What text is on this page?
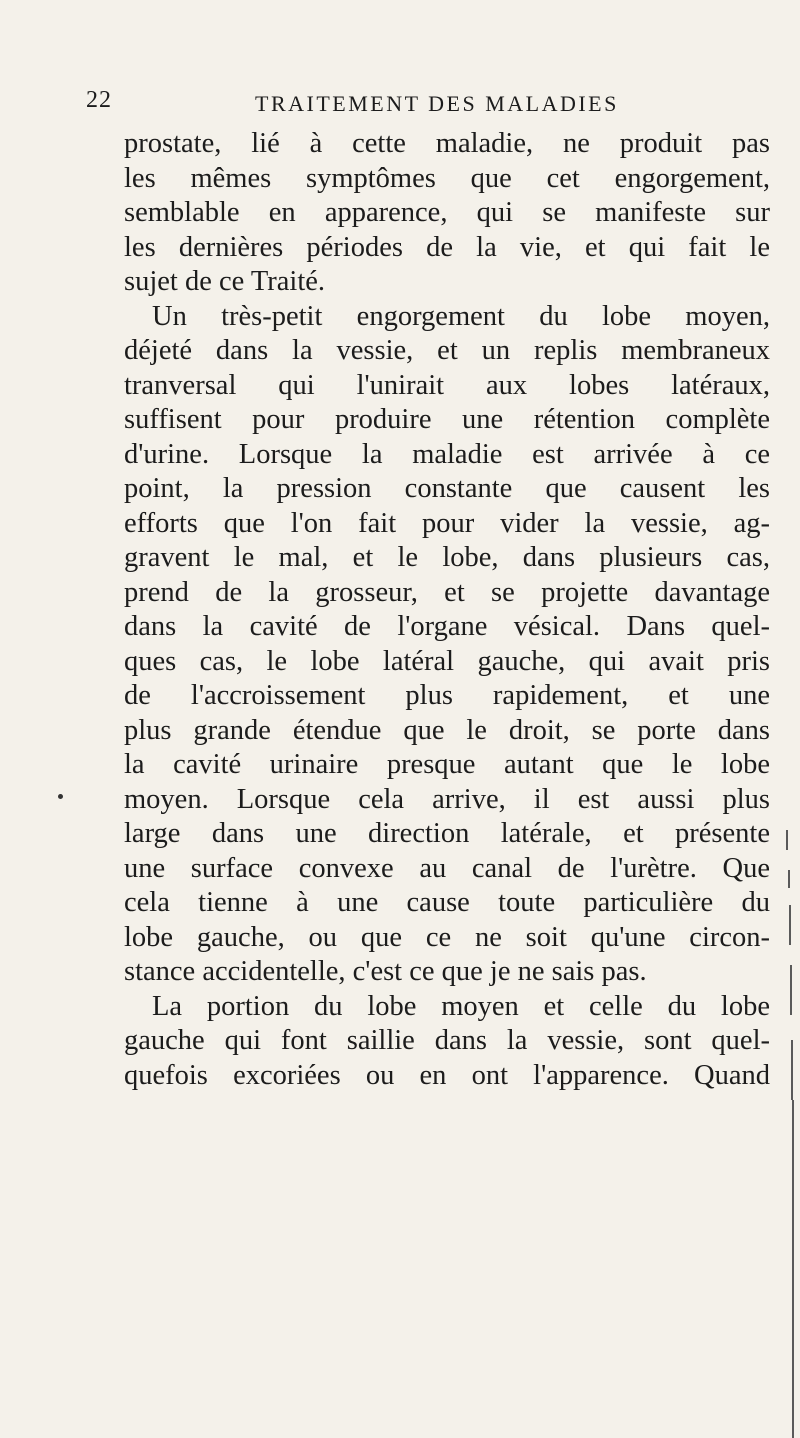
22	TRAITEMENT DES MALADIES
prostate, lié à cette maladie, ne produit pas
les mêmes symptômes que cet engorgement,
semblable en apparence, qui se manifeste sur
les dernières périodes de la vie, et qui fait le
sujet de ce Traité.
Un très-petit engorgement du lobe moyen,
déjeté dans la vessie, et un replis membraneux
tranversal qui l'unirait aux lobes latéraux,
suffisent pour produire une rétention complète
d'urine. Lorsque la maladie est arrivée à ce
point, la pression constante que causent les
efforts que l'on fait pour vider la vessie, ag-
gravent le mal, et le lobe, dans plusieurs cas,
prend de la grosseur, et se projette davantage
dans la cavité de l'organe vésical. Dans quel-
ques cas, le lobe latéral gauche, qui avait pris
de l'accroissement plus rapidement, et une
plus grande étendue que le droit, se porte dans
la cavité urinaire presque autant que le lobe
moyen. Lorsque cela arrive, il est aussi plus
large dans une direction latérale, et présente
une surface convexe au canal de l'urètre. Que
cela tienne à une cause toute particulière du
lobe gauche, ou que ce ne soit qu'une circon-
stance accidentelle, c'est ce que je ne sais pas.
La portion du lobe moyen et celle du lobe
gauche qui font saillie dans la vessie, sont quel-
quefois excoriées ou en ont l'apparence. Quand
